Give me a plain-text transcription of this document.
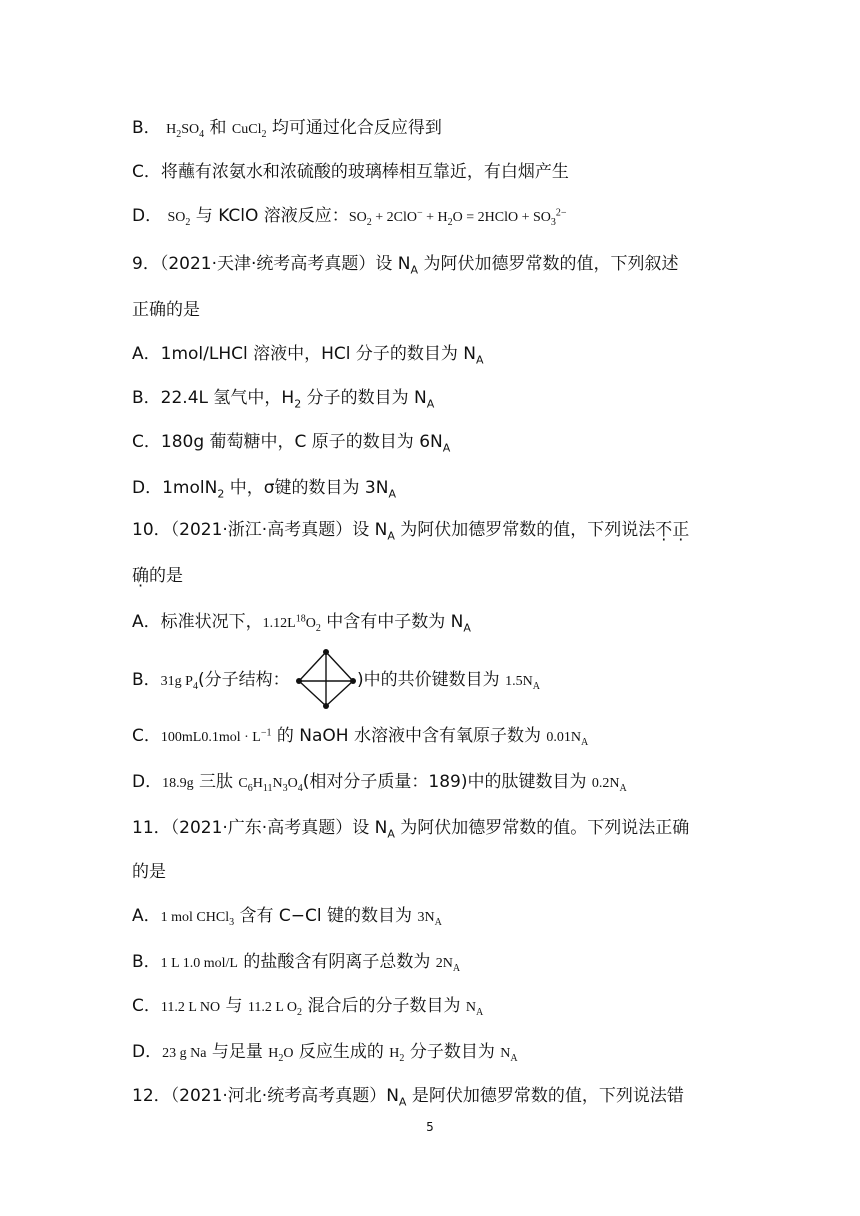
B． $H_2SO_4$ 和 CuCl$_2$ 均可通过化合反应得到
C．将蘸有浓氨水和浓硫酸的玻璃棒相互靠近，有白烟产生
D． $SO_2$ 与 KClO 溶液反应：$SO_2 + 2ClO^- + H_2O$ = 2HClO + $SO_3^{2-}$
9．（2021·天津·统考高考真题）设 $N_A$ 为阿伏加德罗常数的值，下列叙述
正确的是
A．1mol/LHCl 溶液中，HCl 分子的数目为 $N_A$
B．22.4L 氢气中，$H_2$ 分子的数目为 $N_A$
C．180g 葡萄糖中，C 原子的数目为 $6N_A$
D．1molN$_2$ 中，σ键的数目为 $3N_A$
10．（2021·浙江·高考真题）设 $N_A$ 为阿伏加德罗常数的值，下列说法不正
确的是
A．标准状况下，$1.12L^{18}O_2$ 中含有中子数为 $N_A$
B．31g $P_4$(分子结构：	)中的共价键数目为 $1.5N_A$
C．$100mL0.1mol \cdot L^{-1}$ 的 NaOH 水溶液中含有氧原子数为 $0.01N_A$
D．18.9g 三肽 $C_6H_{11}N_3O_4$(相对分子质量：189)中的肽键数目为 $0.2N_A$
11．（2021·广东·高考真题）设 $N_A$ 为阿伏加德罗常数的值。下列说法正确
的是
A．1 mol CHCl$_3$ 含有 C−Cl 键的数目为 $3N_A$
B．1 L 1.0 mol/L 的盐酸含有阴离子总数为 $2N_A$
C．11.2 L NO 与 11.2 L $O_2$ 混合后的分子数目为 $N_A$
D．23 g Na 与足量 $H_2O$ 反应生成的 $H_2$ 分子数目为 $N_A$
12．（2021·河北·统考高考真题）$N_A$ 是阿伏加德罗常数的值，下列说法错
5
